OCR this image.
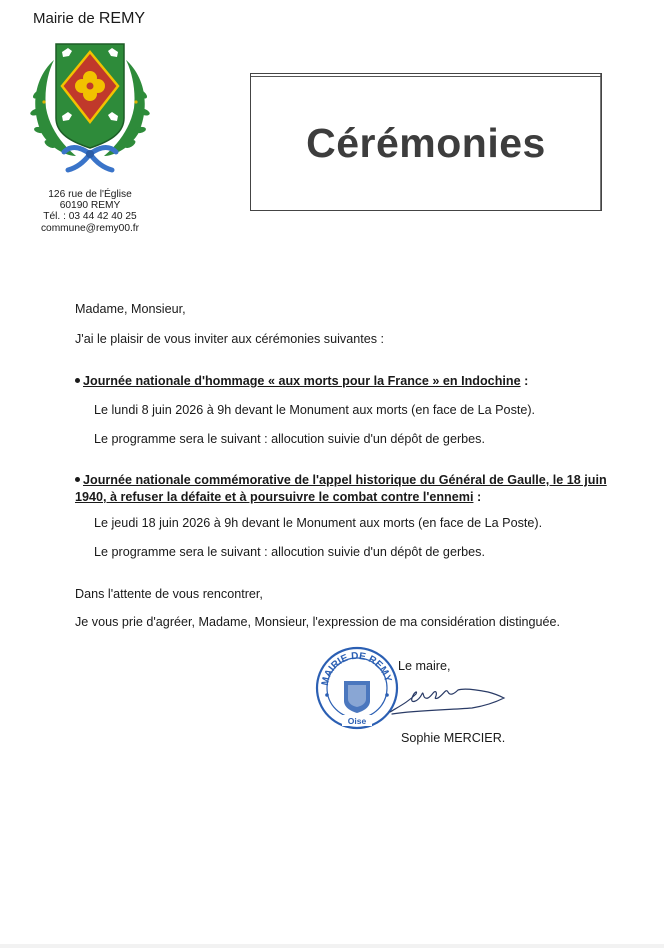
Mairie de REMY
126 rue de l'Église
60190 REMY
Tél. : 03 44 42 40 25
commune@remy00.fr
Cérémonies
Madame, Monsieur,
J'ai le plaisir de vous inviter aux cérémonies suivantes :
Journée nationale d'hommage « aux morts pour la France » en Indochine :
Le lundi 8 juin 2026 à 9h devant le Monument aux morts (en face de La Poste).
Le programme sera le suivant : allocution suivie d'un dépôt de gerbes.
Journée nationale commémorative de l'appel historique du Général de Gaulle, le 18 juin
1940, à refuser la défaite et à poursuivre le combat contre l'ennemi :
Le jeudi 18 juin 2026 à 9h devant le Monument aux morts (en face de La Poste).
Le programme sera le suivant : allocution suivie d'un dépôt de gerbes.
Dans l'attente de vous rencontrer,
Je vous prie d'agréer, Madame, Monsieur, l'expression de ma considération distinguée.
MAIRIE DE REMY
Oise
Le maire,
Sophie MERCIER.
